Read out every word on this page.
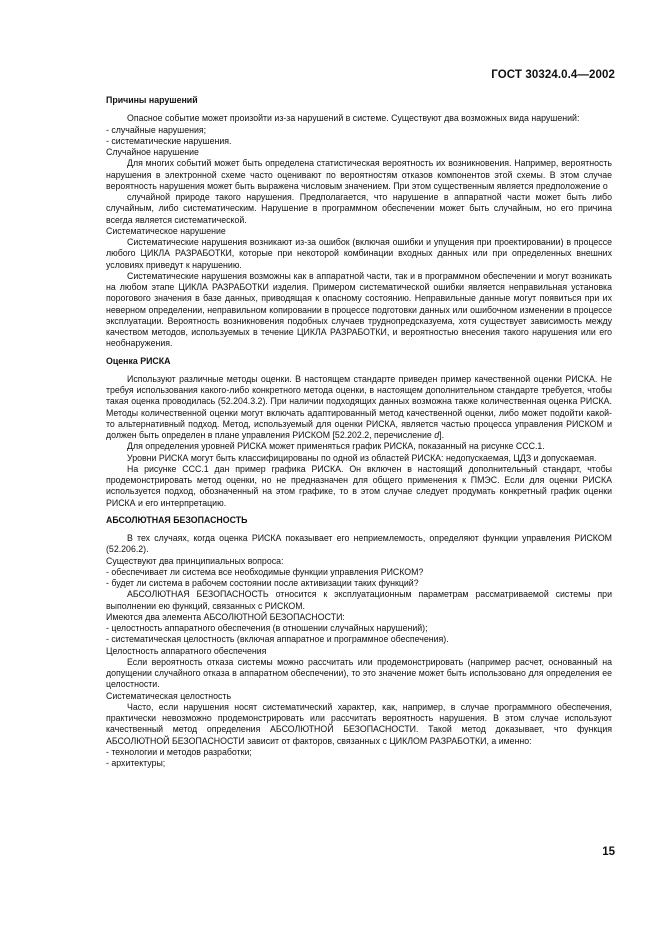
ГОСТ 30324.0.4—2002
Причины нарушений

Опасное событие может произойти из-за нарушений в системе. Существуют два возможных вида нарушений:

- случайные нарушения;

- систематические нарушения.

Случайное нарушение

Для многих событий может быть определена статистическая вероятность их возникновения. Например, вероятность нарушения в электронной схеме часто оценивают по вероятностям отказов компонентов этой схемы. В этом случае вероятность нарушения может быть выражена числовым значением. При этом существенным является предположение о

случайной природе такого нарушения. Предполагается, что нарушение в аппаратной части может быть либо случайным, либо систематическим. Нарушение в программном обеспечении может быть случайным, но его причина всегда является систематической.

Систематическое нарушение

Систематические нарушения возникают из-за ошибок (включая ошибки и упущения при проектировании) в процессе любого ЦИКЛА РАЗРАБОТКИ, которые при некоторой комбинации входных данных или при определенных внешних условиях приведут к нарушению.

Систематические нарушения возможны как в аппаратной части, так и в программном обеспечении и могут возникать на любом этапе ЦИКЛА РАЗРАБОТКИ изделия. Примером систематической ошибки является неправильная установка порогового значения в базе данных, приводящая к опасному состоянию. Неправильные данные могут появиться при их неверном определении, неправильном копировании в процессе подготовки данных или ошибочном изменении в процессе эксплуатации. Вероятность возникновения подобных случаев труднопредсказуема, хотя существует зависимость между качеством методов, используемых в течение ЦИКЛА РАЗРАБОТКИ, и вероятностью внесения такого нарушения или его необнаружения.

Оценка РИСКА

Используют различные методы оценки. В настоящем стандарте приведен пример качественной оценки РИСКА. Не требуя использования какого-либо конкретного метода оценки, в настоящем дополнительном стандарте требуется, чтобы такая оценка проводилась (52.204.3.2). При наличии подходящих данных возможна также количественная оценка РИСКА. Методы количественной оценки могут включать адаптированный метод качественной оценки, либо может подойти какой-то альтернативный подход. Метод, используемый для оценки РИСКА, является частью процесса управления РИСКОМ и должен быть определен в плане управления РИСКОМ [52.202.2, перечисление d].

Для определения уровней РИСКА может применяться график РИСКА, показанный на рисунке ССС.1.

Уровни РИСКА могут быть классифицированы по одной из областей РИСКА: недопускаемая, ЦДЗ и допускаемая.

На рисунке ССС.1 дан пример графика РИСКА. Он включен в настоящий дополнительный стандарт, чтобы продемонстрировать метод оценки, но не предназначен для общего применения к ПМЭС. Если для оценки РИСКА используется подход, обозначенный на этом графике, то в этом случае следует продумать конкретный график оценки РИСКА и его интерпретацию.

АБСОЛЮТНАЯ БЕЗОПАСНОСТЬ

В тех случаях, когда оценка РИСКА показывает его неприемлемость, определяют функции управления РИСКОМ (52.206.2).

Существуют два принципиальных вопроса:

- обеспечивает ли система все необходимые функции управления РИСКОМ?

- будет ли система в рабочем состоянии после активизации таких функций?

АБСОЛЮТНАЯ БЕЗОПАСНОСТЬ относится к эксплуатационным параметрам рассматриваемой системы при выполнении ею функций, связанных с РИСКОМ.

Имеются два элемента АБСОЛЮТНОЙ БЕЗОПАСНОСТИ:

- целостность аппаратного обеспечения (в отношении случайных нарушений);

- систематическая целостность (включая аппаратное и программное обеспечения).

Целостность аппаратного обеспечения

Если вероятность отказа системы можно рассчитать или продемонстрировать (например расчет, основанный на допущении случайного отказа в аппаратном обеспечении), то это значение может быть использовано для определения ее целостности.

Систематическая целостность

Часто, если нарушения носят систематический характер, как, например, в случае программного обеспечения, практически невозможно продемонстрировать или рассчитать вероятность нарушения. В этом случае используют качественный метод определения АБСОЛЮТНОЙ БЕЗОПАСНОСТИ. Такой метод доказывает, что функция АБСОЛЮТНОЙ БЕЗОПАСНОСТИ зависит от факторов, связанных с ЦИКЛОМ РАЗРАБОТКИ, а именно:

- технологии и методов разработки;

- архитектуры;

15
